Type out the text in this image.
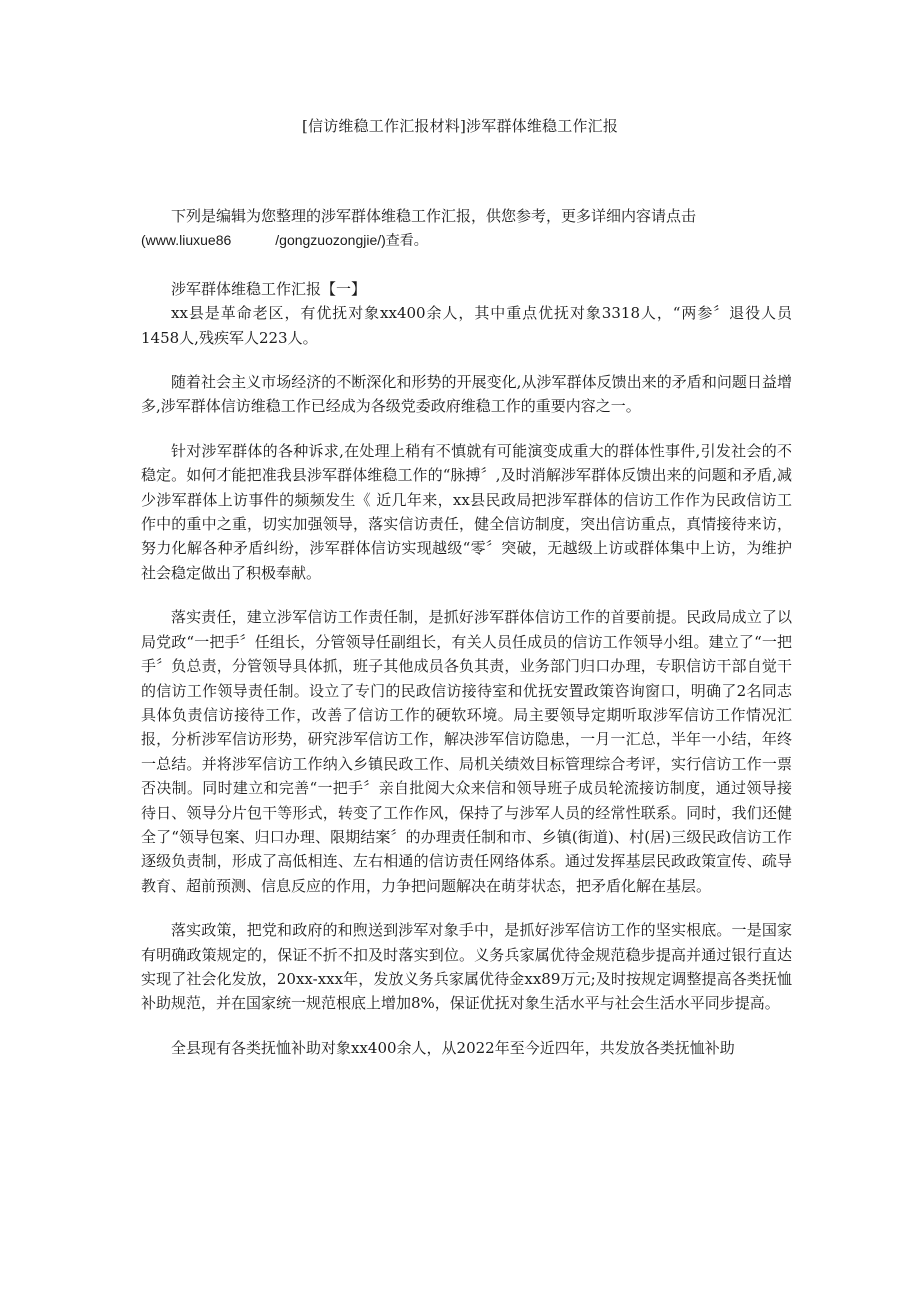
[信访维稳工作汇报材料]涉军群体维稳工作汇报

下列是编辑为您整理的涉军群体维稳工作汇报，供您参考，更多详细内容请点击
(www.liuxue86	/gongzuozongjie/)查看。

涉军群体维稳工作汇报【一】

xx县是革命老区，有优抚对象xx400余人，其中重点优抚对象3318人，“两参〞退役人员1458人,残疾军人223人。

随着社会主义市场经济的不断深化和形势的开展变化,从涉军群体反馈出来的矛盾和问题日益增多,涉军群体信访维稳工作已经成为各级党委政府维稳工作的重要内容之一。

针对涉军群体的各种诉求,在处理上稍有不慎就有可能演变成重大的群体性事件,引发社会的不稳定。如何才能把准我县涉军群体维稳工作的“脉搏〞,及时消解涉军群体反馈出来的问题和矛盾,减少涉军群体上访事件的频频发生《 近几年来，xx县民政局把涉军群体的信访工作作为民政信访工作中的重中之重，切实加强领导，落实信访责任，健全信访制度，突出信访重点，真情接待来访，努力化解各种矛盾纠纷，涉军群体信访实现越级“零〞突破，无越级上访或群体集中上访，为维护社会稳定做出了积极奉献。

落实责任，建立涉军信访工作责任制，是抓好涉军群体信访工作的首要前提。民政局成立了以局党政“一把手〞任组长，分管领导任副组长，有关人员任成员的信访工作领导小组。建立了“一把手〞负总责，分管领导具体抓，班子其他成员各负其责，业务部门归口办理，专职信访干部自觉干的信访工作领导责任制。设立了专门的民政信访接待室和优抚安置政策咨询窗口，明确了2名同志具体负责信访接待工作，改善了信访工作的硬软环境。局主要领导定期听取涉军信访工作情况汇报，分析涉军信访形势，研究涉军信访工作，解决涉军信访隐患，一月一汇总，半年一小结，年终一总结。并将涉军信访工作纳入乡镇民政工作、局机关绩效目标管理综合考评，实行信访工作一票否决制。同时建立和完善“一把手〞亲自批阅大众来信和领导班子成员轮流接访制度，通过领导接待日、领导分片包干等形式，转变了工作作风，保持了与涉军人员的经常性联系。同时，我们还健全了“领导包案、归口办理、限期结案〞的办理责任制和市、乡镇(街道)、村(居)三级民政信访工作逐级负责制，形成了高低相连、左右相通的信访责任网络体系。通过发挥基层民政政策宣传、疏导教育、超前预测、信息反应的作用，力争把问题解决在萌芽状态，把矛盾化解在基层。

落实政策，把党和政府的和煦送到涉军对象手中，是抓好涉军信访工作的坚实根底。一是国家有明确政策规定的，保证不折不扣及时落实到位。义务兵家属优待金规范稳步提高并通过银行直达实现了社会化发放，20xx-xxx年，发放义务兵家属优待金xx89万元;及时按规定调整提高各类抚恤补助规范，并在国家统一规范根底上增加8%，保证优抚对象生活水平与社会生活水平同步提高。

全县现有各类抚恤补助对象xx400余人，从2022年至今近四年，共发放各类抚恤补助
